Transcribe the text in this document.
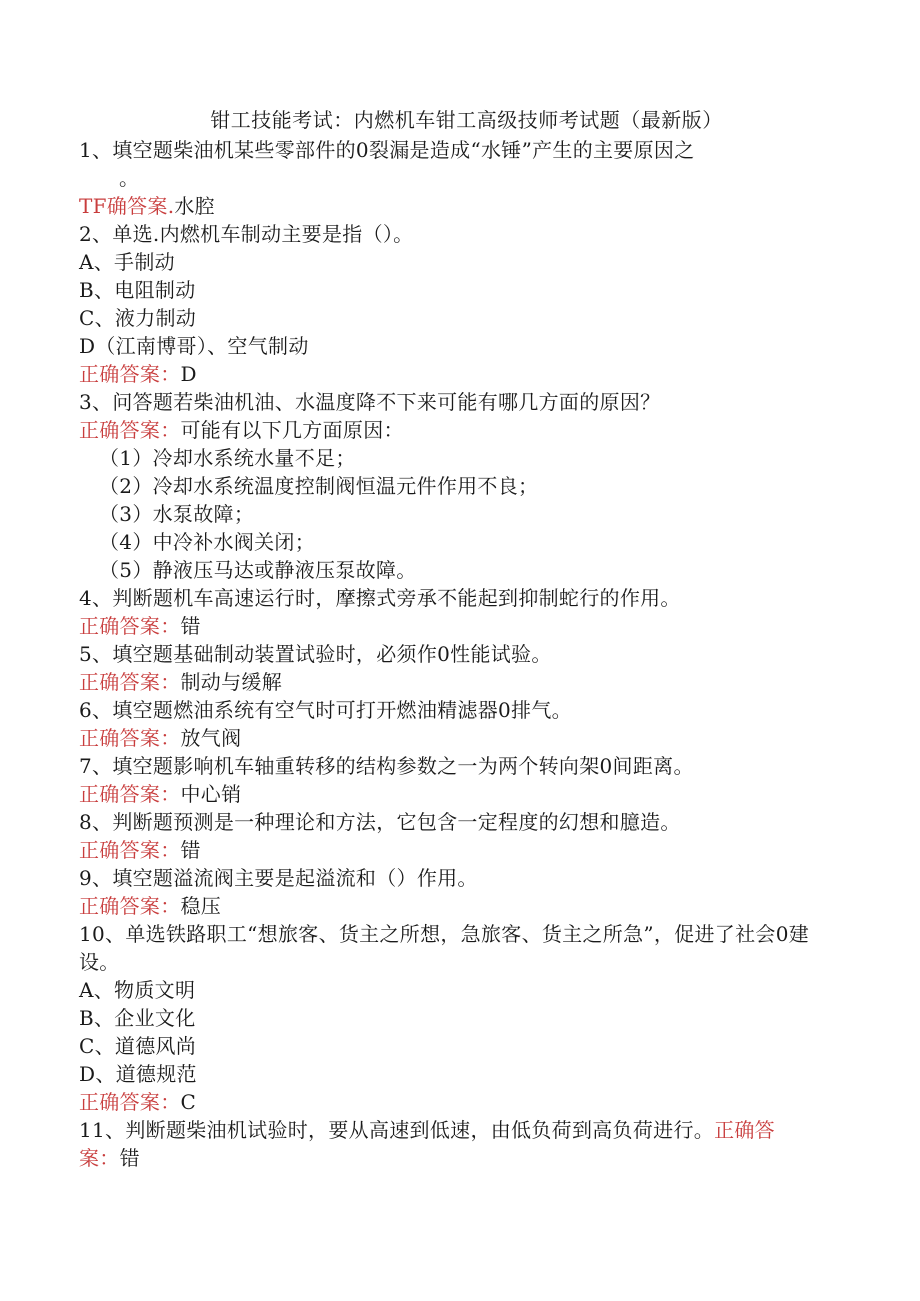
钳工技能考试：内燃机车钳工高级技师考试题（最新版）
1、填空题柴油机某些零部件的0裂漏是造成“水锤”产生的主要原因之
。
TF确答案.水腔
2、单选.内燃机车制动主要是指（）。
A、手制动
B、电阻制动
C、液力制动
D（江南博哥）、空气制动
正确答案：D
3、问答题若柴油机油、水温度降不下来可能有哪几方面的原因？
正确答案：可能有以下几方面原因：
（1）冷却水系统水量不足；
（2）冷却水系统温度控制阀恒温元件作用不良；
（3）水泵故障；
（4）中冷补水阀关闭；
（5）静液压马达或静液压泵故障。
4、判断题机车高速运行时，摩擦式旁承不能起到抑制蛇行的作用。
正确答案：错
5、填空题基础制动装置试验时，必须作0性能试验。
正确答案：制动与缓解
6、填空题燃油系统有空气时可打开燃油精滤器0排气。
正确答案：放气阀
7、填空题影响机车轴重转移的结构参数之一为两个转向架0间距离。
正确答案：中心销
8、判断题预测是一种理论和方法，它包含一定程度的幻想和臆造。
正确答案：错
9、填空题溢流阀主要是起溢流和（）作用。
正确答案：稳压
10、单选铁路职工“想旅客、货主之所想，急旅客、货主之所急”，促进了社会0建设。
A、物质文明
B、企业文化
C、道德风尚
D、道德规范
正确答案：C
11、判断题柴油机试验时，要从高速到低速，由低负荷到高负荷进行。正确答
案：错
